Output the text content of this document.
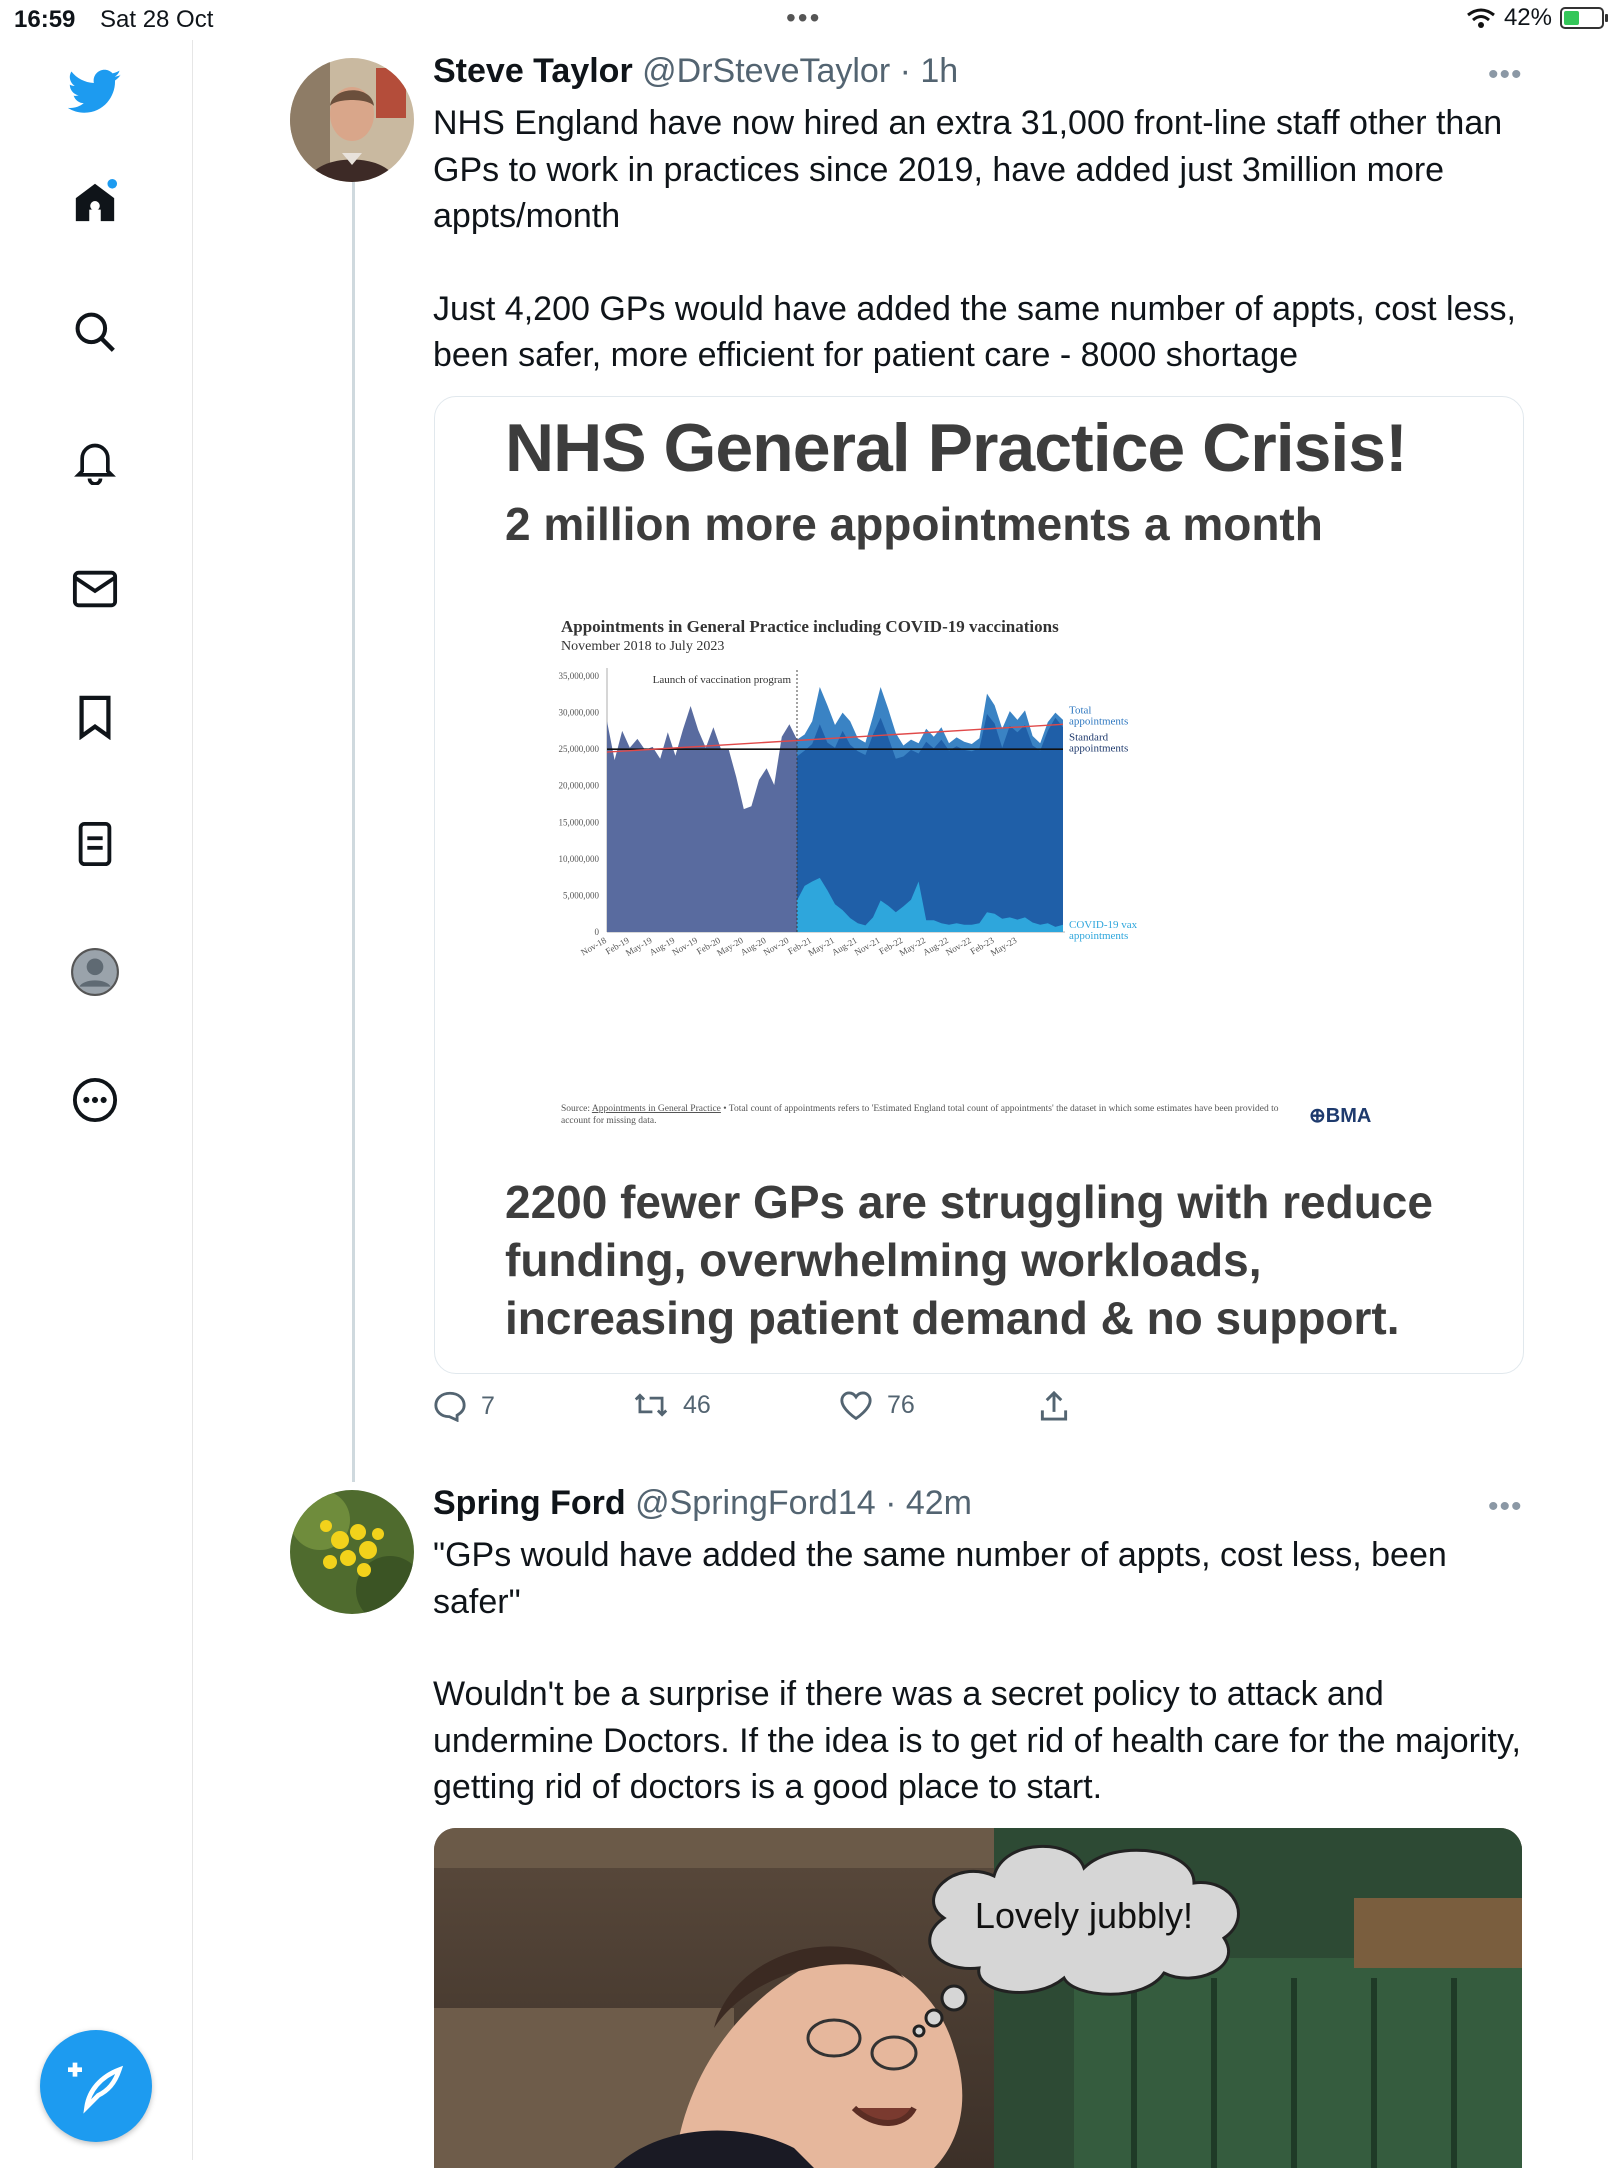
16:59 Sat 28 Oct	•••	42%
Steve Taylor @DrSteveTaylor · 1h	•••

NHS England have now hired an extra 31,000 front-line staff other than GPs to work in practices since 2019, have added just 3million more appts/month

Just 4,200 GPs would have added the same number of appts, cost less, been safer, more efficient for patient care - 8000 shortage

NHS General Practice Crisis!
2 million more appointments a month
Appointments in General Practice including COVID-19 vaccinations
November 2018 to July 2023
35,000,000
30,000,000
25,000,000
20,000,000
15,000,000
10,000,000
5,000,000
0
Launch of vaccination program
Nov-18
Feb-19
May-19
Aug-19
Nov-19
Feb-20
May-20
Aug-20
Nov-20
Feb-21
May-21
Aug-21
Nov-21
Feb-22
May-22
Aug-22
Nov-22
Feb-23
May-23
Total
appointments
Standard
appointments
COVID-19 vax
appointments
Source: Appointments in General Practice • Total count of appointments refers to 'Estimated England total count of appointments' the dataset in which some estimates have been provided to account for missing data.	⊕BMA
2200 fewer GPs are struggling with reduce funding, overwhelming workloads, increasing patient demand & no support.
7	46	76
Spring Ford @SpringFord14 · 42m	•••

"GPs would have added the same number of appts, cost less, been safer"

Wouldn't be a surprise if there was a secret policy to attack and undermine Doctors. If the idea is to get rid of health care for the majority, getting rid of doctors is a good place to start.

Lovely jubbly!
